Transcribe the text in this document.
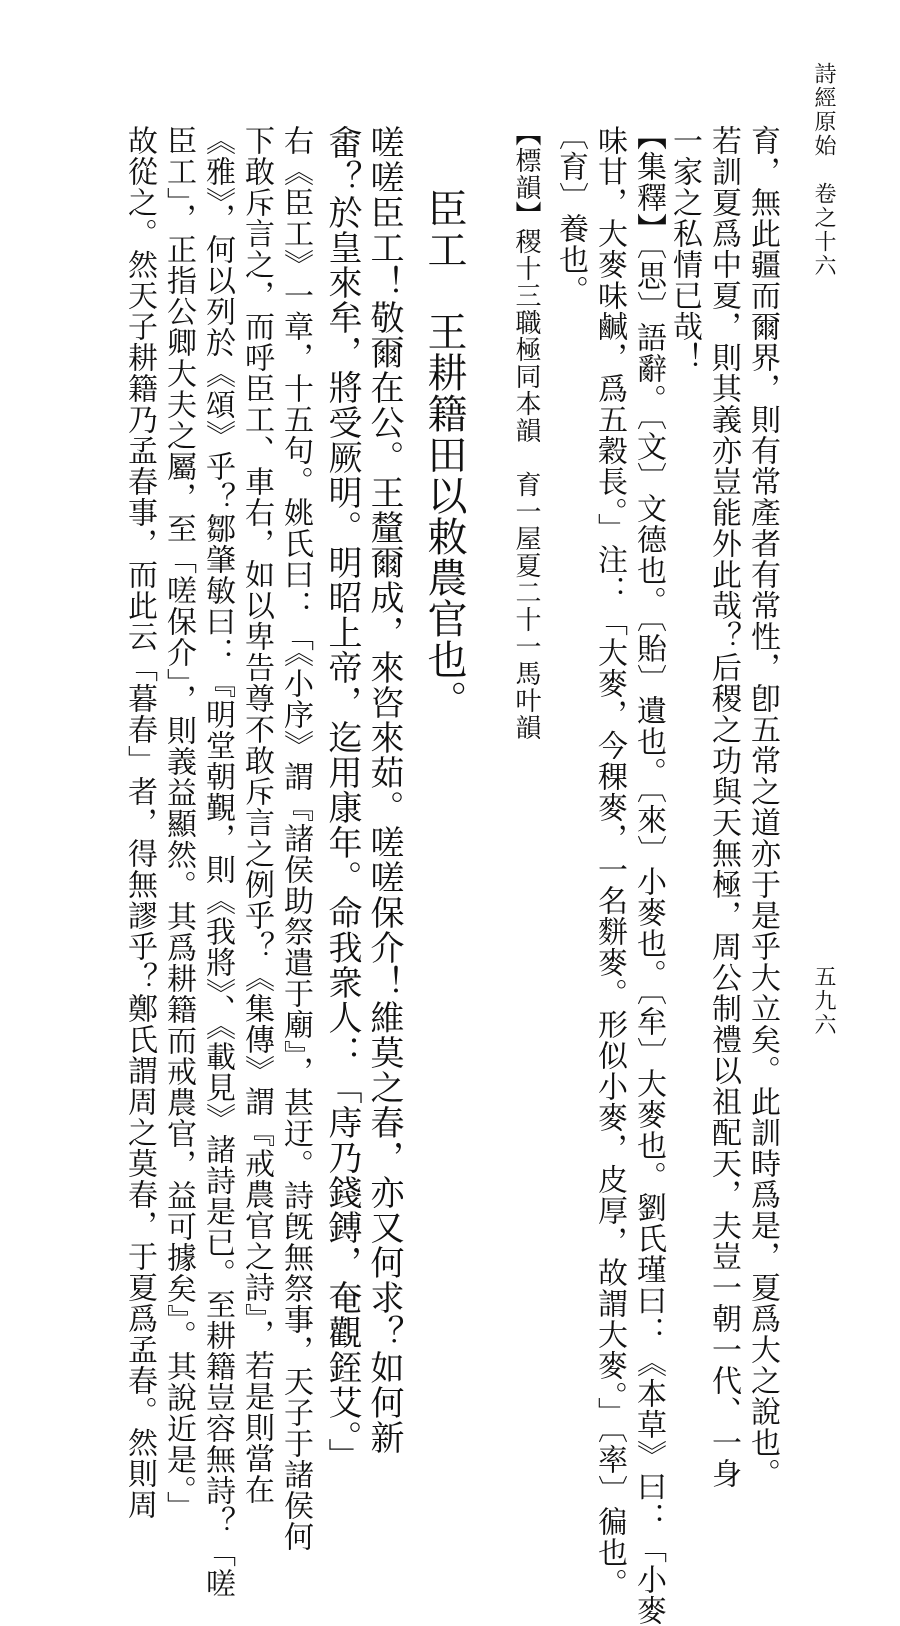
詩經原始　卷之十六
五九六
育，無此疆而爾界，則有常產者有常性，卽五常之道亦于是乎大立矣。此訓時爲是，夏爲大之說也。
若訓夏爲中夏，則其義亦豈能外此哉？后稷之功與天無極，周公制禮以祖配天，夫豈一朝一代、一身
一家之私情已哉！
【集釋】〔思〕語辭。〔文〕文德也。〔貽〕遺也。〔來〕小麥也。〔牟〕大麥也。劉氏瑾曰：《本草》曰：「小麥
味甘，大麥味鹹，爲五穀長。」注：「大麥，今稞麥，一名䴵麥。形似小麥，皮厚，故謂大麥。」〔率〕徧也。
〔育〕養也。
【標韻】稷十三職極同本韻　育一屋夏二十一馬叶韻
臣工　王耕籍田以敕農官也。
嗟嗟臣工！敬爾在公。王釐爾成，來咨來茹。嗟嗟保介！維莫之春，亦又何求？如何新
畬？於皇來牟，將受厥明。明昭上帝，迄用康年。命我衆人：「庤乃錢鎛，奄觀銍艾。」
右《臣工》一章，十五句。姚氏曰：「《小序》謂『諸侯助祭遣于廟』，甚迂。詩旣無祭事，天子于諸侯何
下敢斥言之，而呼臣工、車右，如以卑告尊不敢斥言之例乎？《集傳》謂『戒農官之詩』，若是則當在
《雅》，何以列於《頌》乎？鄒肇敏曰：『明堂朝覲，則《我將》、《載見》諸詩是已。至耕籍豈容無詩？「嗟
臣工」，正指公卿大夫之屬，至「嗟保介」，則義益顯然。其爲耕籍而戒農官，益可據矣』。其說近是。」
故從之。然天子耕籍乃孟春事，而此云「暮春」者，得無謬乎？鄭氏謂周之莫春，于夏爲孟春。然則周
